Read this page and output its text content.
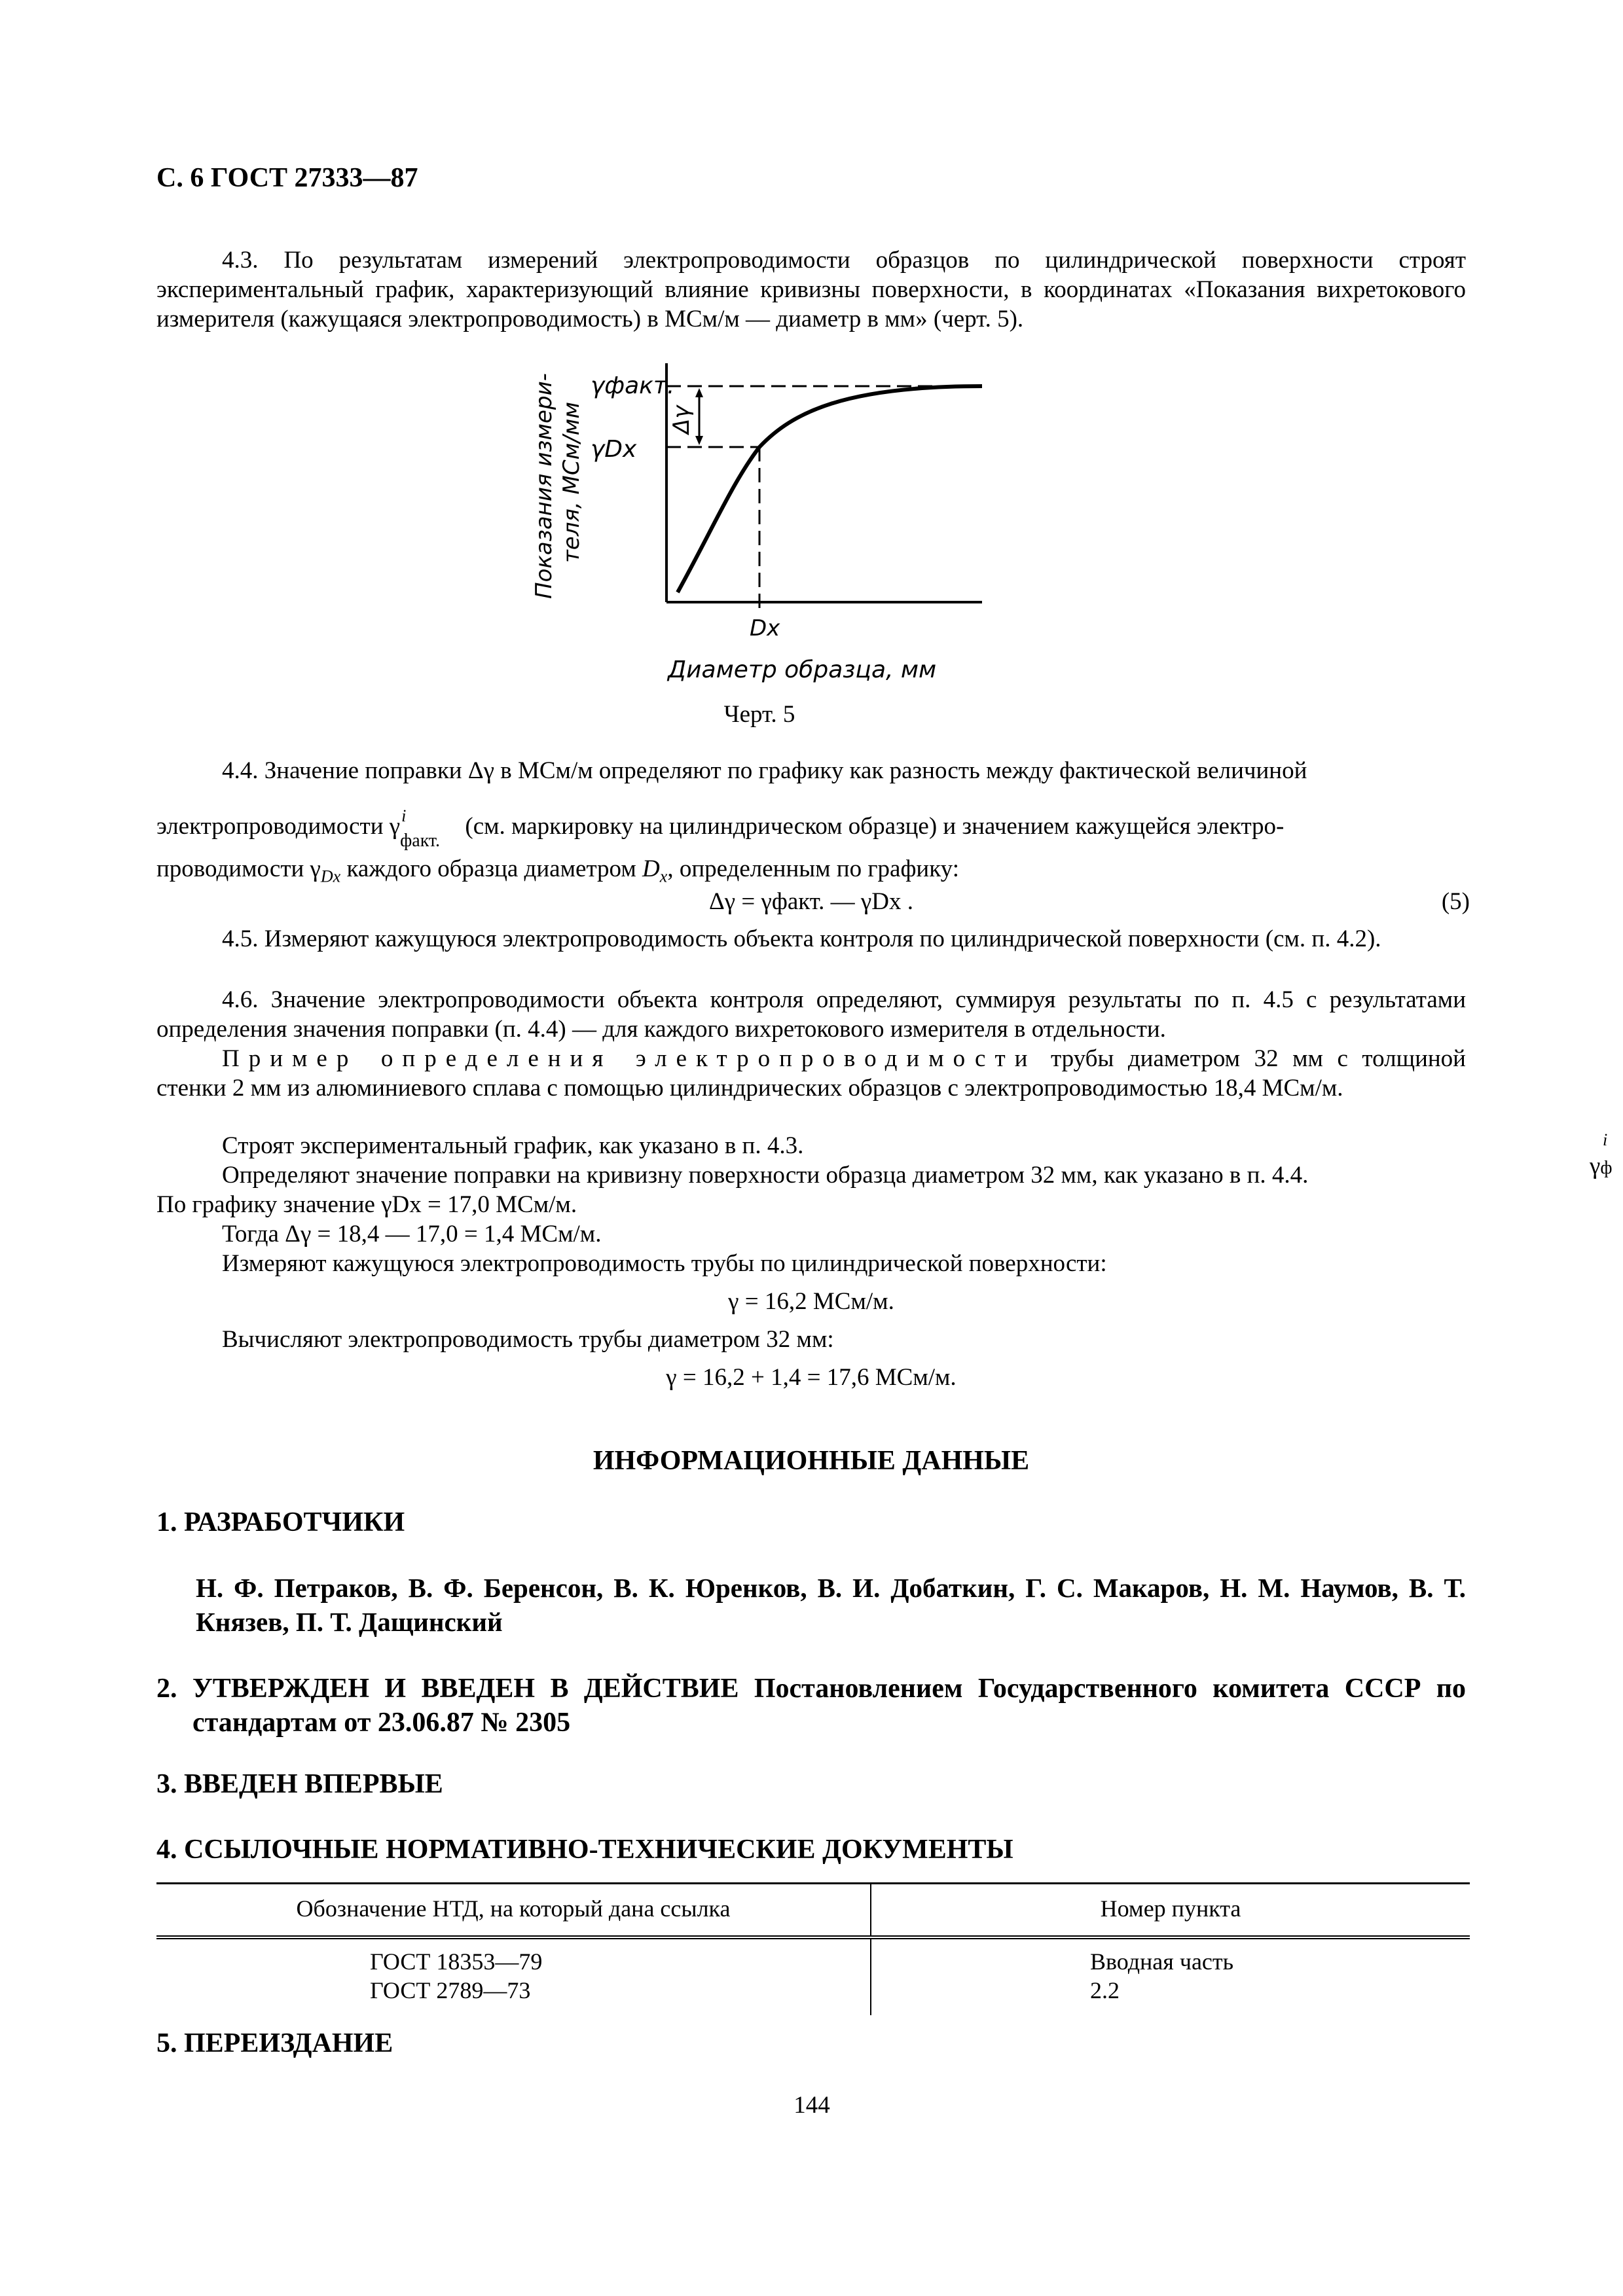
С. 6 ГОСТ 27333—87
4.3. По результатам измерений электропроводимости образцов по цилиндрической поверхности строят экспериментальный график, характеризующий влияние кривизны поверхности, в координатах «Показания вихретокового измерителя (кажущаяся электропроводимость) в МСм/м — диаметр в мм» (черт. 5).
Δγ
γфакт.
γDx
Dx
Показания измери- теля, МСм/мм
Диаметр образца, мм
Черт. 5
4.4. Значение поправки Δγ в МСм/м определяют по графику как разность между фактической величиной
электропроводимости γ i
факт.
(см. маркировку на цилиндрическом образце) и значением кажущейся электро-
проводимости $\gamma_{Dx}$ каждого образца диаметром $D_x$, определенным по графику:
Δγ = γфакт. — γDx .	(5)
4.5. Измеряют кажущуюся электропроводимость объекта контроля по цилиндрической поверхности (см. п. 4.2).
4.6. Значение электропроводимости объекта контроля определяют, суммируя результаты по п. 4.5 с результатами определения значения поправки (п. 4.4) — для каждого вихретокового измерителя в отдельности.
Пример определения электропроводимости трубы диаметром 32 мм с толщиной стенки 2 мм из алюминиевого сплава с помощью цилиндрических образцов с электропроводимостью 18,4 МСм/м.
Строят экспериментальный график, как указано в п. 4.3.
Определяют значение поправки на кривизну поверхности образца диаметром 32 мм, как указано в п. 4.4.
По графику значение γDx = 17,0 МСм/м.
Тогда Δγ = 18,4 — 17,0 = 1,4 МСм/м.
Измеряют кажущуюся электропроводимость трубы по цилиндрической поверхности:
γ = 16,2 МСм/м.
Вычисляют электропроводимость трубы диаметром 32 мм:
γ = 16,2 + 1,4 = 17,6 МСм/м.
ИНФОРМАЦИОННЫЕ ДАННЫЕ
1. РАЗРАБОТЧИКИ
Н. Ф. Петраков, В. Ф. Беренсон, В. К. Юренков, В. И. Добаткин, Г. С. Макаров, Н. М. Наумов, В. Т. Князев, П. Т. Дащинский
2. УТВЕРЖДЕН И ВВЕДЕН В ДЕЙСТВИЕ Постановлением Государственного комитета СССР по стандартам от 23.06.87 № 2305
3. ВВЕДЕН ВПЕРВЫЕ
4. ССЫЛОЧНЫЕ НОРМАТИВНО-ТЕХНИЧЕСКИЕ ДОКУМЕНТЫ
Обозначение НТД, на который дана ссылка	Номер пункта
ГОСТ 18353—79	Вводная часть
ГОСТ 2789—73	2.2
5. ПЕРЕИЗДАНИЕ
144
i
γф
